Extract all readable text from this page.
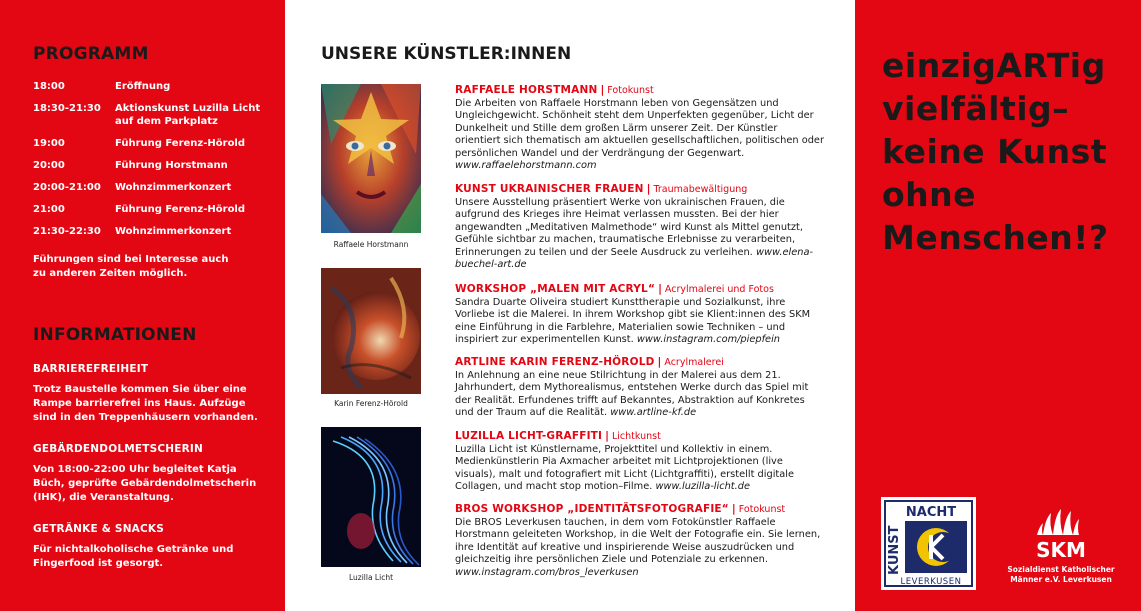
PROGRAMM
18:00	Eröffnung
18:30-21:30	Aktionskunst Luzilla Licht auf dem Parkplatz
19:00	Führung Ferenz-Hörold
20:00	Führung Horstmann
20:00-21:00	Wohnzimmerkonzert
21:00	Führung Ferenz-Hörold
21:30-22:30	Wohnzimmerkonzert
Führungen sind bei Interesse auch zu anderen Zeiten möglich.
INFORMATIONEN
BARRIEREFREIHEIT
Trotz Baustelle kommen Sie über eine Rampe barrierefrei ins Haus. Aufzüge sind in den Treppenhäusern vorhanden.
GEBÄRDENDOLMETSCHERIN
Von 18:00-22:00 Uhr begleitet Katja Büch, geprüfte Gebärdendolmetscherin (IHK), die Veranstaltung.
GETRÄNKE & SNACKS
Für nichtalkoholische Getränke und Fingerfood ist gesorgt.
UNSERE KÜNSTLER:INNEN
Raffaele Horstmann
Karin Ferenz-Hörold
Luzilla Licht
RAFFAELE HORSTMANN | Fotokunst
Die Arbeiten von Raffaele Horstmann leben von Gegensätzen und Ungleichgewicht. Schönheit steht dem Unperfekten gegenüber, Licht der Dunkelheit und Stille dem großen Lärm unserer Zeit. Der Künstler orientiert sich thematisch am aktuellen gesellschaftlichen, politischen oder persönlichen Wandel und der Verdrängung der Gegenwart. www.raffaelehorstmann.com
KUNST UKRAINISCHER FRAUEN | Traumabewältigung
Unsere Ausstellung präsentiert Werke von ukrainischen Frauen, die aufgrund des Krieges ihre Heimat verlassen mussten. Bei der hier angewandten „Meditativen Malmethode“ wird Kunst als Mittel genutzt, Gefühle sichtbar zu machen, traumatische Erlebnisse zu verarbeiten, Erinnerungen zu teilen und der Seele Ausdruck zu verleihen. www.elena-buechel-art.de
WORKSHOP „MALEN MIT ACRYL“ | Acrylmalerei und Fotos
Sandra Duarte Oliveira studiert Kunsttherapie und Sozialkunst, ihre Vorliebe ist die Malerei. In ihrem Workshop gibt sie Klient:innen des SKM eine Einführung in die Farblehre, Materialien sowie Techniken – und inspiriert zur experimentellen Kunst. www.instagram.com/piepfein
ARTLINE KARIN FERENZ-HÖROLD | Acrylmalerei
In Anlehnung an eine neue Stilrichtung in der Malerei aus dem 21. Jahrhundert, dem Mythorealismus, entstehen Werke durch das Spiel mit der Realität. Erfundenes trifft auf Bekanntes, Abstraktion auf Konkretes und der Traum auf die Realität. www.artline-kf.de
LUZILLA LICHT-GRAFFITI | Lichtkunst
Luzilla Licht ist Künstlername, Projekttitel und Kollektiv in einem. Medienkünstlerin Pia Axmacher arbeitet mit Lichtprojektionen (live visuals), malt und fotografiert mit Licht (Lichtgraffiti), erstellt digitale Collagen, und macht stop motion–Filme. www.luzilla-licht.de
BROS WORKSHOP „IDENTITÄTSFOTOGRAFIE“ | Fotokunst
Die BROS Leverkusen tauchen, in dem vom Fotokünstler Raffaele Horstmann geleiteten Workshop, in die Welt der Fotografie ein. Sie lernen, ihre Identität auf kreative und inspirierende Weise auszudrücken und gleichzeitig ihre persönlichen Ziele und Potenziale zu erkennen. www.instagram.com/bros_leverkusen
einzigARTig
vielfältig–
keine Kunst
ohne
Menschen!?
NACHT
KUNST
LEVERKUSEN
SKM
Sozialdienst Katholischer
Männer e.V. Leverkusen
